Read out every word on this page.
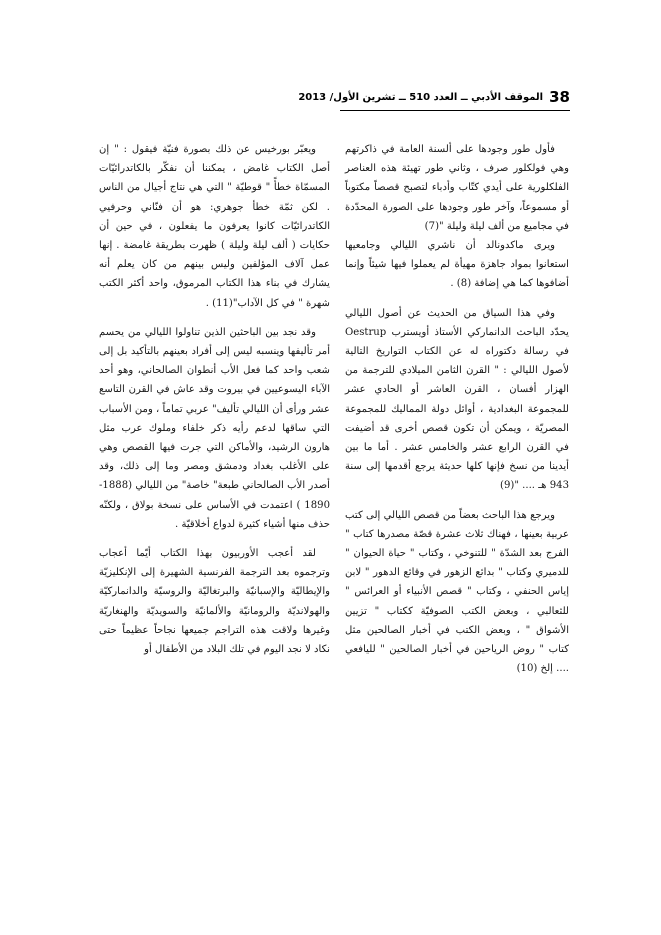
38
الموقف الأدبي ــ العدد 510 ــ تشرين الأول/ 2013

فأول طور وجودها على ألسنة العامة في ذاكرتهم وهي فولكلور صرف ، وثاني طور تهيئة هذه العناصر الفلكلورية على أيدي كتّاب وأدباء لتصبح قصصاً مكتوباً أو مسموعاً، وآخر طور وجودها على الصورة المحدّدة في مجاميع من ألف ليلة وليلة "(7)

ويرى ماكدونالد أن ناشري الليالي وجامعيها استعانوا بمواد جاهزة مهيأة لم يعملوا فيها شيئاً وإنما أضافوها كما هي إضافة (8) .

وفي هذا السياق من الحديث عن أصول الليالي يحدّد الباحث الدانماركي الأستاذ أويسترب Oestrup في رسالة دكتوراه له عن الكتاب التواريخ التالية لأصول الليالي : " القرن الثامن الميلادي للترجمة من الهزار أفسان ، القرن العاشر أو الحادي عشر للمجموعة البغدادية ، أوائل دولة المماليك للمجموعة المصريّة ، ويمكن أن تكون قصص أخرى قد أضيفت في القرن الرابع عشر والخامس عشر . أما ما بين أيدينا من نسخ فإنها كلها حديثة يرجع أقدمها إلى سنة 943 هـ .... "(9)

ويرجع هذا الباحث بعضاً من قصص الليالي إلى كتب عربية بعينها ، فهناك ثلاث عشرة قصّة مصدرها كتاب " الفرج بعد الشدّة " للتنوخي ، وكتاب " حياة الحيوان " للدميري وكتاب " بدائع الزهور في وقائع الدهور " لابن إياس الحنفي ، وكتاب " قصص الأنبياء أو العرائس " للثعالبي ، وبعض الكتب الصوفيّة ككتاب " تزيين الأشواق " ، وبعض الكتب في أخبار الصالحين مثل كتاب " روض الرياحين في أخبار الصالحين " لليافعي .... إلخ (10)

ويعبّر بورخيس عن ذلك بصورة فنيّة فيقول : " إن أصل الكتاب غامض ، يمكننا أن نفكّر بالكاتدرائيّات المسمّاة خطأً " قوطيّة " التي هي نتاج أجيال من الناس . لكن ثمّة خطأ جوهري: هو أن فنّاني وحرفيي الكاتدرائيّات كانوا يعرفون ما يفعلون ، في حين أن حكايات ( ألف ليلة وليلة ) ظهرت بطريقة غامضة . إنها عمل آلاف المؤلفين وليس بينهم من كان يعلم أنه يشارك في بناء هذا الكتاب المرموق، واحد أكثر الكتب شهرة " في كل الآداب"(11) .

وقد نجد بين الباحثين الذين تناولوا الليالي من يحسم أمر تأليفها وينسبه ليس إلى أفراد بعينهم بالتأكيد بل إلى شعب واحد كما فعل الأب أنطوان الصالحاني، وهو أحد الآباء اليسوعيين في بيروت وقد عاش في القرن التاسع عشر ورأى أن الليالي تأليف" عربي تماماً ، ومن الأسباب التي ساقها لدعم رأيه ذكر خلفاء وملوك عرب مثل هارون الرشيد، والأماكن التي جرت فيها القصص وهي على الأغلب بغداد ودمشق ومصر وما إلى ذلك، وقد أصدر الأب الصالحاني طبعة" خاصة" من الليالي (1888- 1890 ) اعتمدت في الأساس على نسخة بولاق ، ولكنّه حذف منها أشياء كثيرة لدواع أخلاقيّة .

لقد أعجب الأوربيون بهذا الكتاب أيّما أعجاب وترجموه بعد الترجمة الفرنسية الشهيرة إلى الإنكليزيّة والإيطاليّة والإسبانيّة والبرتغاليّة والروسيّة والدانماركيّة والهولانديّة والرومانيّة والألمانيّة والسويديّة والهنغاريّة وغيرها ولاقت هذه التراجم جميعها نجاحاً عظيماً حتى نكاد لا نجد اليوم في تلك البلاد من الأطفال أو
